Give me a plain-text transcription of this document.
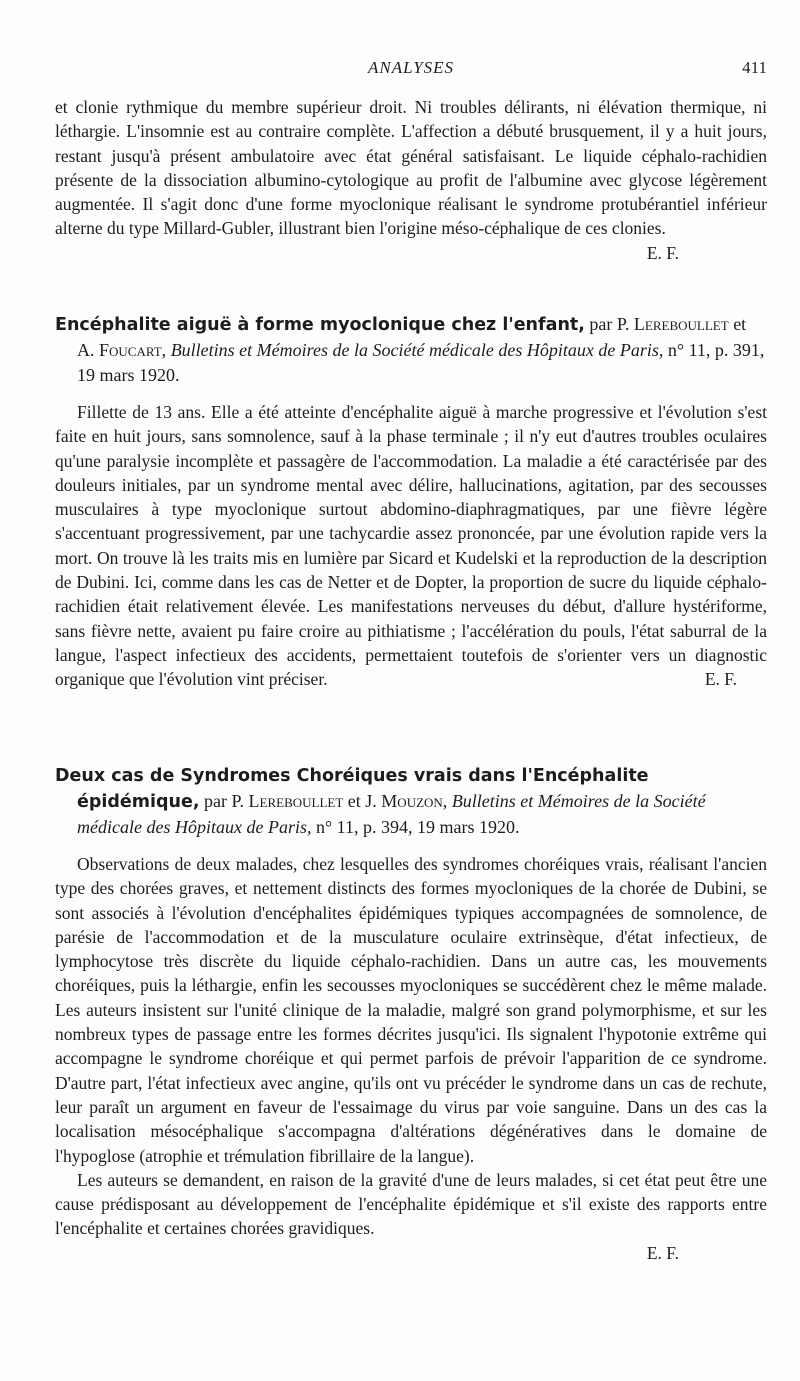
ANALYSES	411

et clonie rythmique du membre supérieur droit. Ni troubles délirants, ni élévation thermique, ni léthargie. L'insomnie est au contraire complète. L'affection a débuté brusquement, il y a huit jours, restant jusqu'à présent ambulatoire avec état général satisfaisant. Le liquide céphalo-rachidien présente de la dissociation albumino-cytologique au profit de l'albumine avec glycose légèrement augmentée. Il s'agit donc d'une forme myoclonique réalisant le syndrome protubérantiel inférieur alterne du type Millard-Gubler, illustrant bien l'origine méso-céphalique de ces clonies.

E. F.

Encéphalite aiguë à forme myoclonique chez l'enfant, par P. Lereboullet et A. Foucart, Bulletins et Mémoires de la Société médicale des Hôpitaux de Paris, n° 11, p. 391, 19 mars 1920.

Fillette de 13 ans. Elle a été atteinte d'encéphalite aiguë à marche progressive et l'évolution s'est faite en huit jours, sans somnolence, sauf à la phase terminale ; il n'y eut d'autres troubles oculaires qu'une paralysie incomplète et passagère de l'accommodation. La maladie a été caractérisée par des douleurs initiales, par un syndrome mental avec délire, hallucinations, agitation, par des secousses musculaires à type myoclonique surtout abdomino-diaphragmatiques, par une fièvre légère s'accentuant progressivement, par une tachycardie assez prononcée, par une évolution rapide vers la mort. On trouve là les traits mis en lumière par Sicard et Kudelski et la reproduction de la description de Dubini. Ici, comme dans les cas de Netter et de Dopter, la proportion de sucre du liquide céphalo-rachidien était relativement élevée. Les manifestations nerveuses du début, d'allure hystériforme, sans fièvre nette, avaient pu faire croire au pithiatisme ; l'accélération du pouls, l'état saburral de la langue, l'aspect infectieux des accidents, permettaient toutefois de s'orienter vers un diagnostic organique que l'évolution vint préciser.	E. F.

Deux cas de Syndromes Choréiques vrais dans l'Encéphalite épidémique, par P. Lereboullet et J. Mouzon, Bulletins et Mémoires de la Société médicale des Hôpitaux de Paris, n° 11, p. 394, 19 mars 1920.

Observations de deux malades, chez lesquelles des syndromes choréiques vrais, réalisant l'ancien type des chorées graves, et nettement distincts des formes myocloniques de la chorée de Dubini, se sont associés à l'évolution d'encéphalites épidémiques typiques accompagnées de somnolence, de parésie de l'accommodation et de la musculature oculaire extrinsèque, d'état infectieux, de lymphocytose très discrète du liquide céphalo-rachidien. Dans un autre cas, les mouvements choréiques, puis la léthargie, enfin les secousses myocloniques se succédèrent chez le même malade. Les auteurs insistent sur l'unité clinique de la maladie, malgré son grand polymorphisme, et sur les nombreux types de passage entre les formes décrites jusqu'ici. Ils signalent l'hypotonie extrême qui accompagne le syndrome choréique et qui permet parfois de prévoir l'apparition de ce syndrome. D'autre part, l'état infectieux avec angine, qu'ils ont vu précéder le syndrome dans un cas de rechute, leur paraît un argument en faveur de l'essaimage du virus par voie sanguine. Dans un des cas la localisation mésocéphalique s'accompagna d'altérations dégénératives dans le domaine de l'hypoglose (atrophie et trémulation fibrillaire de la langue).

Les auteurs se demandent, en raison de la gravité d'une de leurs malades, si cet état peut être une cause prédisposant au développement de l'encéphalite épidémique et s'il existe des rapports entre l'encéphalite et certaines chorées gravidiques.

E. F.
